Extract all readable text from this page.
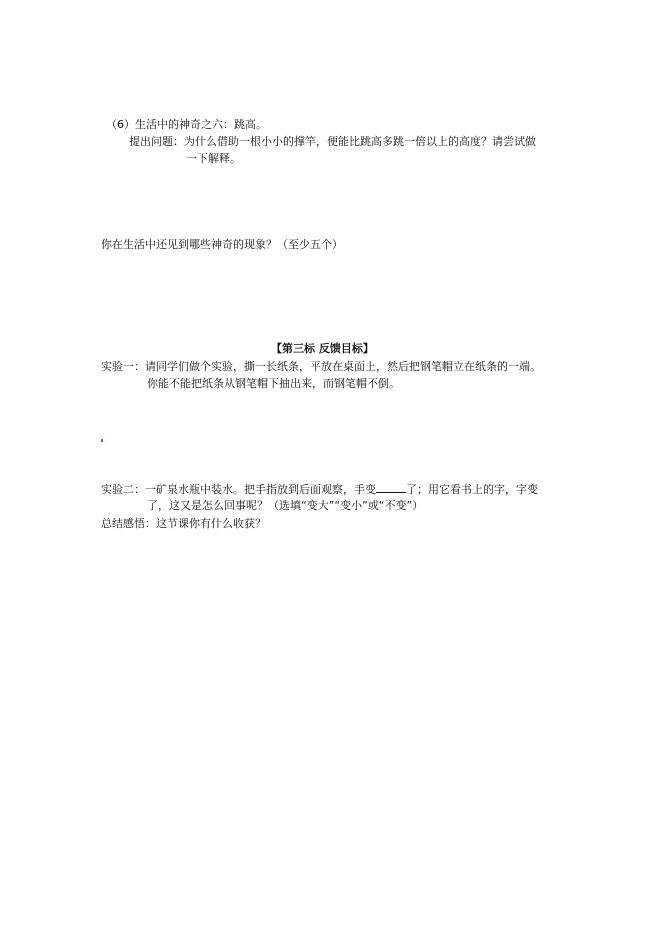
（6）生活中的神奇之六：跳高。
提出问题：为什么借助一根小小的撑竿，便能比跳高多跳一倍以上的高度？请尝试做
一下解释。
你在生活中还见到哪些神奇的现象？（至少五个）
【第三标 反馈目标】
实验一：请同学们做个实验，撕一长纸条，平放在桌面上，然后把钢笔帽立在纸条的一端。
你能不能把纸条从钢笔帽下抽出来，而钢笔帽不倒。
实验二：一矿泉水瓶中装水。把手指放到后面观察，手变	了；用它看书上的字，字变
了，这又是怎么回事呢？（选填“变大”“变小”或“不变”）
总结感悟：这节课你有什么收获？
